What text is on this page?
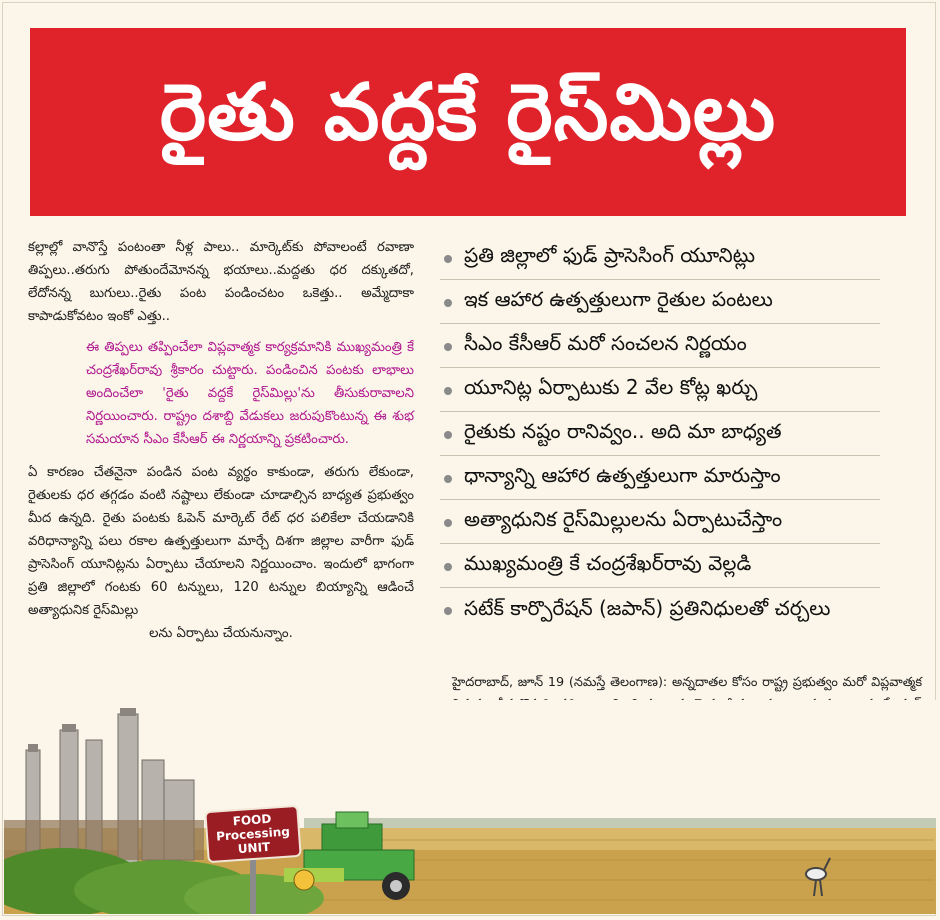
రైతు వద్దకే రైస్‌మిల్లు

కల్లాల్లో వానొస్తే పంటంతా నీళ్ల పాలు.. మార్కెట్‌కు పోవాలంటే రవాణా తిప్పలు..తరుగు పోతుందేమోనన్న భయాలు..మద్దతు ధర దక్కుతదో, లేదోనన్న బుగులు..రైతు పంట పండించటం ఒకెత్తు.. అమ్మేదాకా కాపాడుకోవటం ఇంకో ఎత్తు..

ఈ తిప్పలు తప్పించేలా విప్లవాత్మక కార్యక్రమానికి ముఖ్యమంత్రి కే చంద్రశేఖర్‌రావు శ్రీకారం చుట్టారు. పండించిన పంటకు లాభాలు అందించేలా 'రైతు వద్దకే రైస్‌మిల్లు'ను తీసుకురావాలని నిర్ణయించారు. రాష్ట్రం దశాబ్ది వేడుకలు జరుపుకొంటున్న ఈ శుభ సమయాన సీఎం కేసీఆర్ ఈ నిర్ణయాన్ని ప్రకటించారు.

ఏ కారణం చేతనైనా పండిన పంట వ్యర్థం కాకుండా, తరుగు లేకుండా, రైతులకు ధర తగ్గడం వంటి నష్టాలు లేకుండా చూడాల్సిన బాధ్యత ప్రభుత్వం మీద ఉన్నది. రైతు పంటకు ఓపెన్ మార్కెట్ రేట్ ధర పలికేలా చేయడానికి వరిధాన్యాన్ని పలు రకాల ఉత్పత్తులుగా మార్చే దిశగా జిల్లాల వారీగా ఫుడ్ ప్రాసెసింగ్ యూనిట్లను ఏర్పాటు చేయాలని నిర్ణయించాం. ఇందులో భాగంగా ప్రతి జిల్లాలో గంటకు 60 టన్నులు, 120 టన్నుల బియ్యాన్ని ఆడించే అత్యాధునిక రైస్‌మిల్లు

లను ఏర్పాటు చేయనున్నాం.

ప్రతి జిల్లాలో ఫుడ్ ప్రాసెసింగ్ యూనిట్లు
ఇక ఆహార ఉత్పత్తులుగా రైతుల పంటలు
సీఎం కేసీఆర్ మరో సంచలన నిర్ణయం
యూనిట్ల ఏర్పాటుకు 2 వేల కోట్ల ఖర్చు
రైతుకు నష్టం రానివ్వం.. అది మా బాధ్యత
ధాన్యాన్ని ఆహార ఉత్పత్తులుగా మారుస్తాం
అత్యాధునిక రైస్‌మిల్లులను ఏర్పాటుచేస్తాం
ముఖ్యమంత్రి కే చంద్రశేఖర్‌రావు వెల్లడి
సటేక్ కార్పొరేషన్ (జపాన్) ప్రతినిధులతో చర్చలు
హైదరాబాద్, జూన్ 19 (నమస్తే తెలంగాణ): అన్నదాతల కోసం రాష్ట్ర ప్రభుత్వం మరో విప్లవాత్మక
FOOD Processing UNIT
